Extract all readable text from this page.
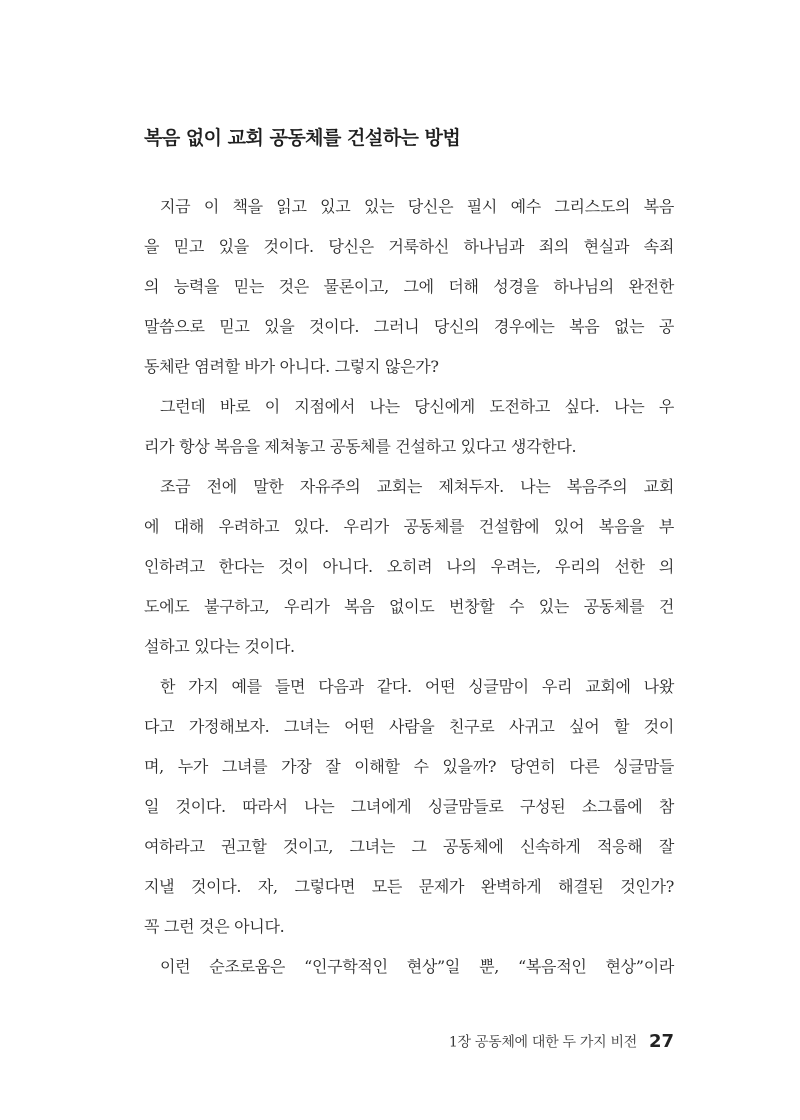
복음 없이 교회 공동체를 건설하는 방법
지금 이 책을 읽고 있고 있는 당신은 필시 예수 그리스도의 복음
을 믿고 있을 것이다. 당신은 거룩하신 하나님과 죄의 현실과 속죄
의 능력을 믿는 것은 물론이고, 그에 더해 성경을 하나님의 완전한
말씀으로 믿고 있을 것이다. 그러니 당신의 경우에는 복음 없는 공
동체란 염려할 바가 아니다. 그렇지 않은가?
그런데 바로 이 지점에서 나는 당신에게 도전하고 싶다. 나는 우
리가 항상 복음을 제쳐놓고 공동체를 건설하고 있다고 생각한다.
조금 전에 말한 자유주의 교회는 제쳐두자. 나는 복음주의 교회
에 대해 우려하고 있다. 우리가 공동체를 건설함에 있어 복음을 부
인하려고 한다는 것이 아니다. 오히려 나의 우려는, 우리의 선한 의
도에도 불구하고, 우리가 복음 없이도 번창할 수 있는 공동체를 건
설하고 있다는 것이다.
한 가지 예를 들면 다음과 같다. 어떤 싱글맘이 우리 교회에 나왔
다고 가정해보자. 그녀는 어떤 사람을 친구로 사귀고 싶어 할 것이
며, 누가 그녀를 가장 잘 이해할 수 있을까? 당연히 다른 싱글맘들
일 것이다. 따라서 나는 그녀에게 싱글맘들로 구성된 소그룹에 참
여하라고 권고할 것이고, 그녀는 그 공동체에 신속하게 적응해 잘
지낼 것이다. 자, 그렇다면 모든 문제가 완벽하게 해결된 것인가?
꼭 그런 것은 아니다.
이런 순조로움은 “인구학적인 현상”일 뿐, “복음적인 현상”이라
1장 공동체에 대한 두 가지 비전 27
